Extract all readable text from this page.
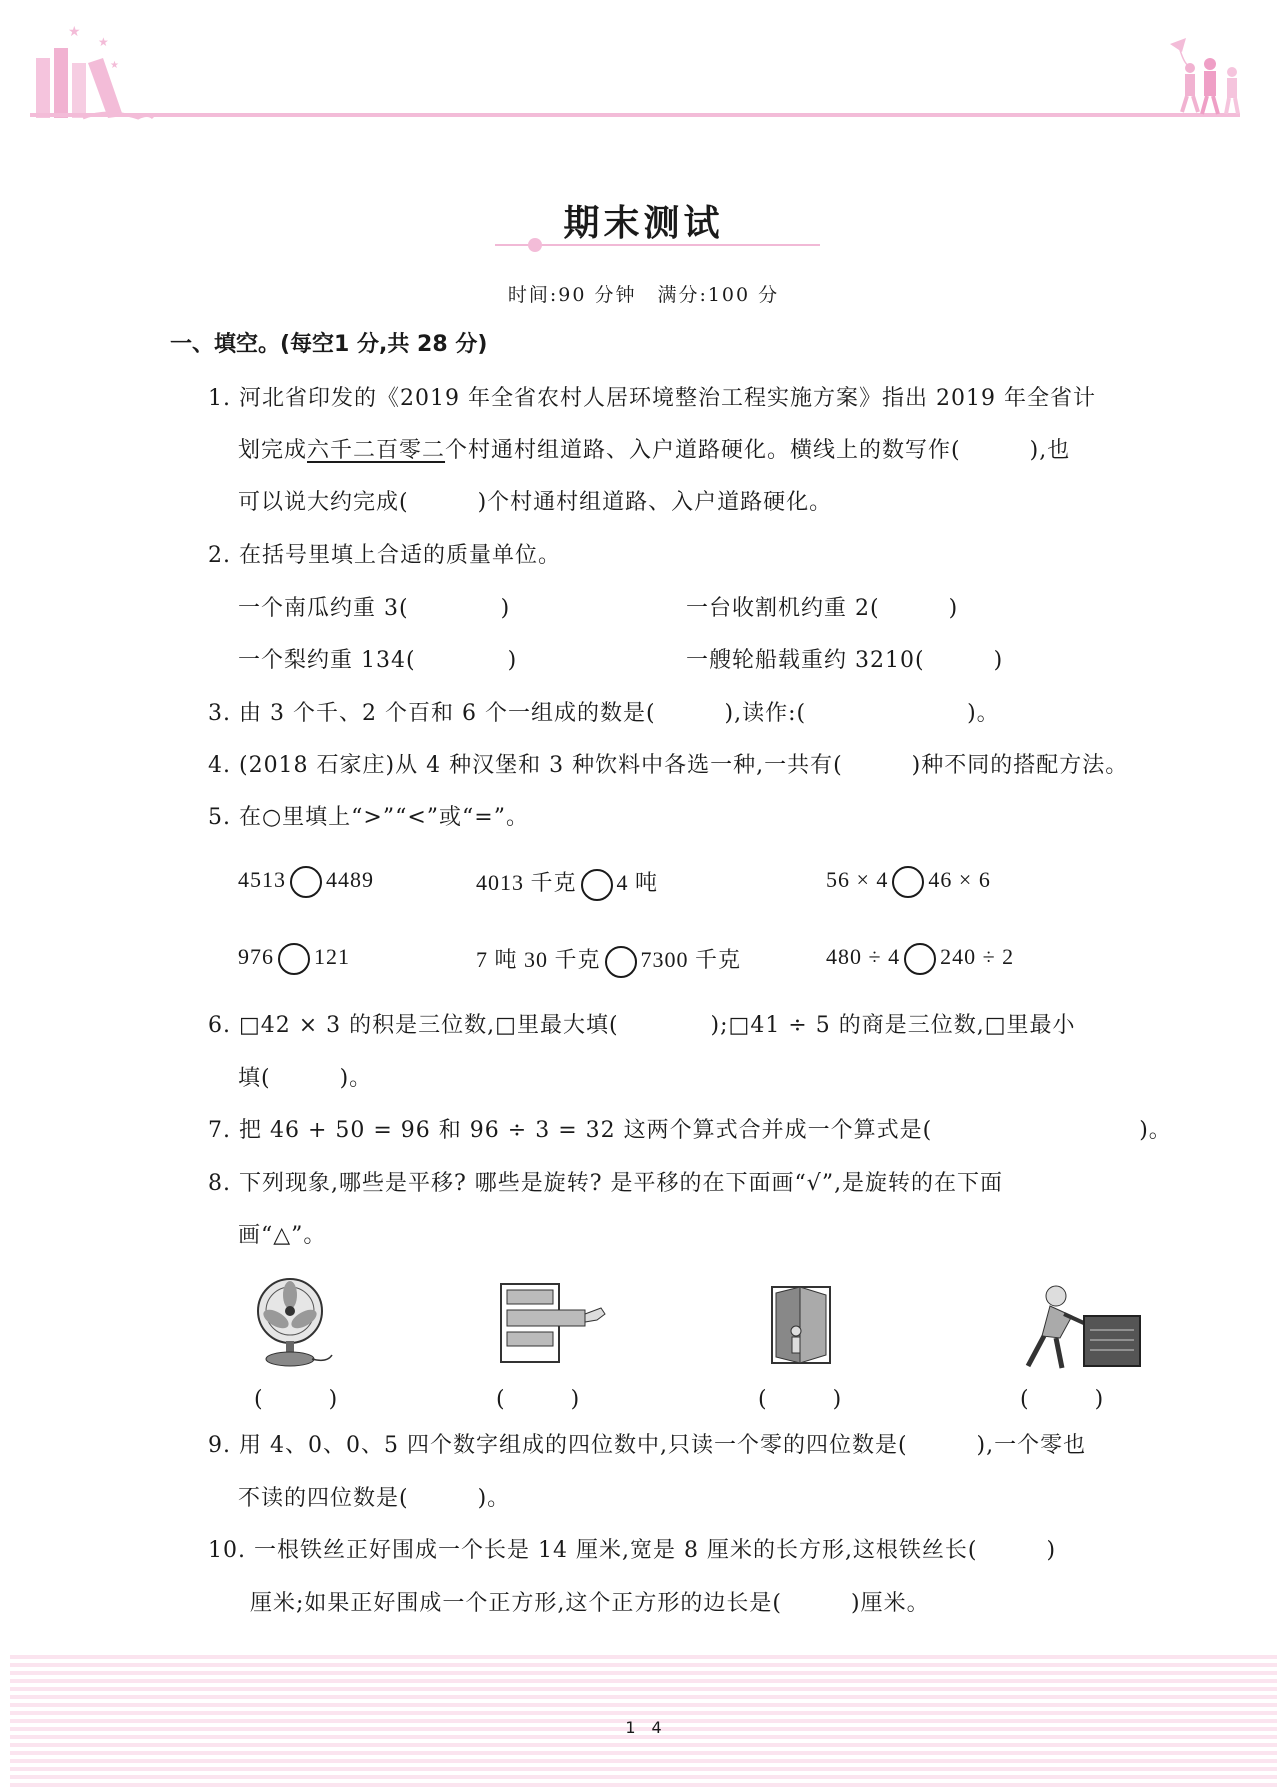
★
★
★
期末测试
时间:90 分钟　满分:100 分
一、填空。(每空1 分,共 28 分)
1. 河北省印发的《2019 年全省农村人居环境整治工程实施方案》指出 2019 年全省计
划完成六千二百零二个村通村组道路、入户道路硬化。横线上的数写作(　　　),也
可以说大约完成(　　　)个村通村组道路、入户道路硬化。
2. 在括号里填上合适的质量单位。
一个南瓜约重 3(　　　　)	一台收割机约重 2(　　　)
一个梨约重 134(　　　　)	一艘轮船载重约 3210(　　　)
3. 由 3 个千、2 个百和 6 个一组成的数是(　　　),读作:(　　　　　　　)。
4. (2018 石家庄)从 4 种汉堡和 3 种饮料中各选一种,一共有(　　　)种不同的搭配方法。
5. 在○里填上“>”“<”或“=”。
4513 4489	4013 千克 4 吨	56 × 4 46 × 6
976 121	7 吨 30 千克 7300 千克	480 ÷ 4 240 ÷ 2
6. □42 × 3 的积是三位数,□里最大填(　　　　);□41 ÷ 5 的商是三位数,□里最小
填(　　　)。
7. 把 46 + 50 = 96 和 96 ÷ 3 = 32 这两个算式合并成一个算式是(　　　　　　　　　)。
8. 下列现象,哪些是平移? 哪些是旋转? 是平移的在下面画“√”,是旋转的在下面
画“△”。
(　　　)	(　　　)	(　　　)	(　　　)
9. 用 4、0、0、5 四个数字组成的四位数中,只读一个零的四位数是(　　　),一个零也
不读的四位数是(　　　)。
10. 一根铁丝正好围成一个长是 14 厘米,宽是 8 厘米的长方形,这根铁丝长(　　　)
厘米;如果正好围成一个正方形,这个正方形的边长是(　　　)厘米。
1　4
